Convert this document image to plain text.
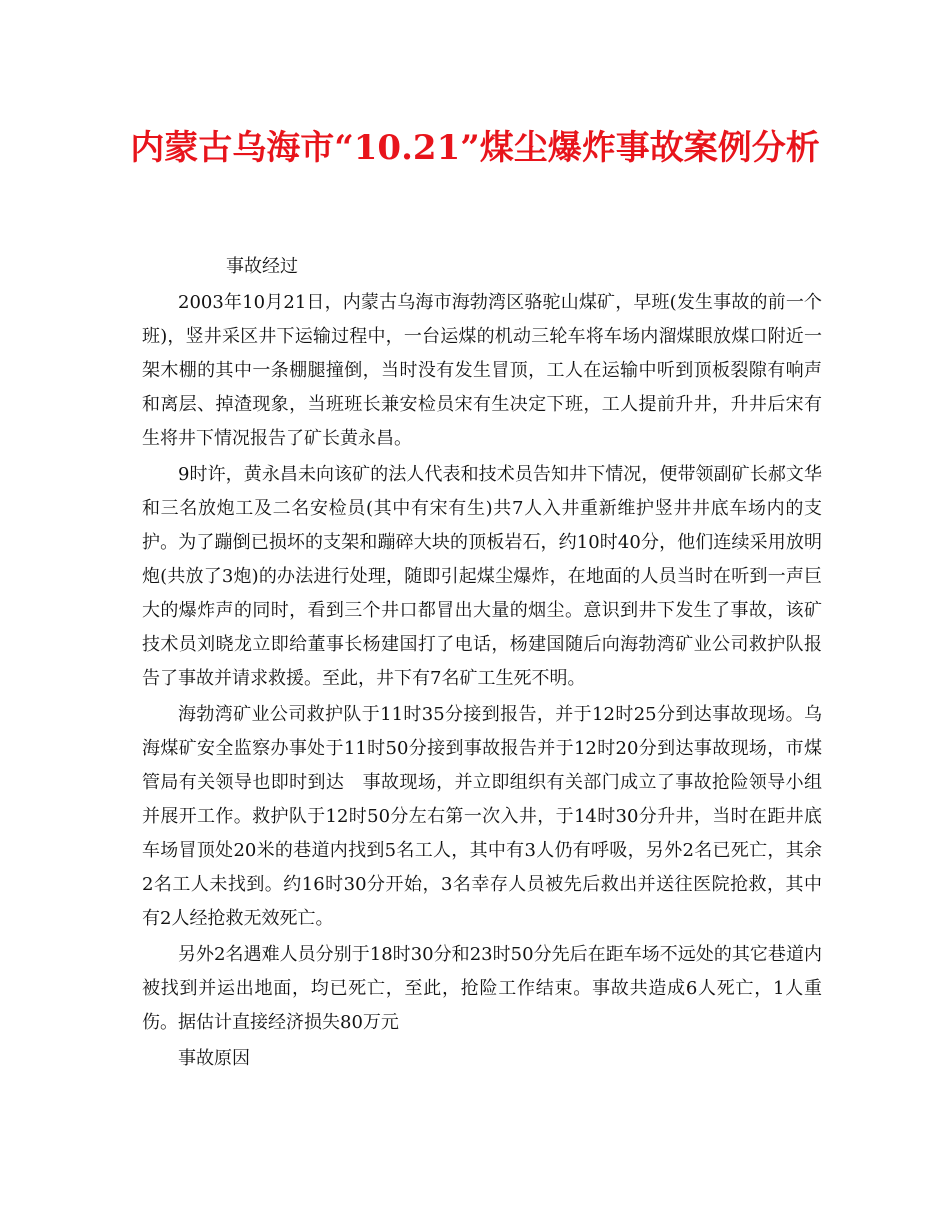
内蒙古乌海市“10.21”煤尘爆炸事故案例分析

事故经过

2003年10月21日，内蒙古乌海市海勃湾区骆驼山煤矿，早班(发生事故的前一个班)，竖井采区井下运输过程中，一台运煤的机动三轮车将车场内溜煤眼放煤口附近一架木棚的其中一条棚腿撞倒，当时没有发生冒顶，工人在运输中听到顶板裂隙有响声和离层、掉渣现象，当班班长兼安检员宋有生决定下班，工人提前升井，升井后宋有生将井下情况报告了矿长黄永昌。

9时许，黄永昌未向该矿的法人代表和技术员告知井下情况，便带领副矿长郝文华和三名放炮工及二名安检员(其中有宋有生)共7人入井重新维护竖井井底车场内的支护。为了蹦倒已损坏的支架和蹦碎大块的顶板岩石，约10时40分，他们连续采用放明炮(共放了3炮)的办法进行处理，随即引起煤尘爆炸，在地面的人员当时在听到一声巨大的爆炸声的同时，看到三个井口都冒出大量的烟尘。意识到井下发生了事故，该矿技术员刘晓龙立即给董事长杨建国打了电话，杨建国随后向海勃湾矿业公司救护队报告了事故并请求救援。至此，井下有7名矿工生死不明。

海勃湾矿业公司救护队于11时35分接到报告，并于12时25分到达事故现场。乌海煤矿安全监察办事处于11时50分接到事故报告并于12时20分到达事故现场，市煤管局有关领导也即时到达　事故现场，并立即组织有关部门成立了事故抢险领导小组并展开工作。救护队于12时50分左右第一次入井，于14时30分升井，当时在距井底车场冒顶处20米的巷道内找到5名工人，其中有3人仍有呼吸，另外2名已死亡，其余2名工人未找到。约16时30分开始，3名幸存人员被先后救出并送往医院抢救，其中有2人经抢救无效死亡。

另外2名遇难人员分别于18时30分和23时50分先后在距车场不远处的其它巷道内被找到并运出地面，均已死亡，至此，抢险工作结束。事故共造成6人死亡，1人重伤。据估计直接经济损失80万元

事故原因
